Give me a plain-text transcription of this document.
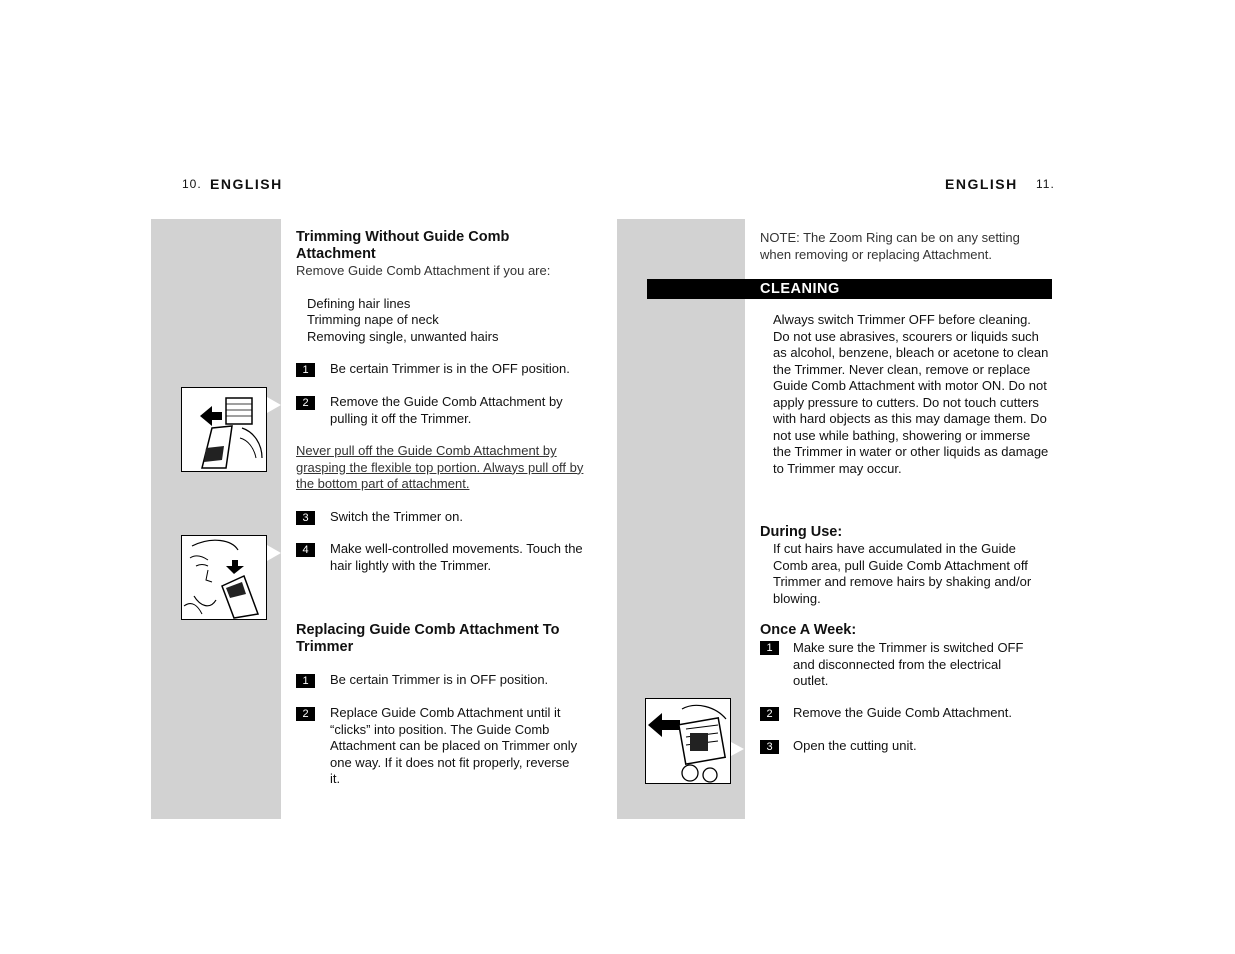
10. ENGLISH
Trimming Without Guide Comb Attachment
Remove Guide Comb Attachment if you are:
Defining hair lines
Trimming nape of neck
Removing single, unwanted hairs
1	Be certain Trimmer is in the OFF position.
2	Remove the Guide Comb Attachment by pulling it off the Trimmer.
Never pull off the Guide Comb Attachment by grasping the flexible top portion. Always pull off by the bottom part of attachment.
3	Switch the Trimmer on.
4	Make well-controlled movements. Touch the hair lightly with the Trimmer.
Replacing Guide Comb Attachment To Trimmer
1	Be certain Trimmer is in OFF position.
2	Replace Guide Comb Attachment until it “clicks” into position. The Guide Comb Attachment can be placed on Trimmer only one way. If it does not fit properly, reverse it.
ENGLISH 11.
NOTE: The Zoom Ring can be on any setting when removing or replacing Attachment.
CLEANING
Always switch Trimmer OFF before cleaning. Do not use abrasives, scourers or liquids such as alcohol, benzene, bleach or acetone to clean the Trimmer. Never clean, remove or replace Guide Comb Attachment with motor ON. Do not apply pressure to cutters. Do not touch cutters with hard objects as this may damage them. Do not use while bathing, showering or immerse the Trimmer in water or other liquids as damage to Trimmer may occur.
During Use:
If cut hairs have accumulated in the Guide Comb area, pull Guide Comb Attachment off Trimmer and remove hairs by shaking and/or blowing.
Once A Week:
1	Make sure the Trimmer is switched OFF and disconnected from the electrical outlet.
2	Remove the Guide Comb Attachment.
3	Open the cutting unit.
